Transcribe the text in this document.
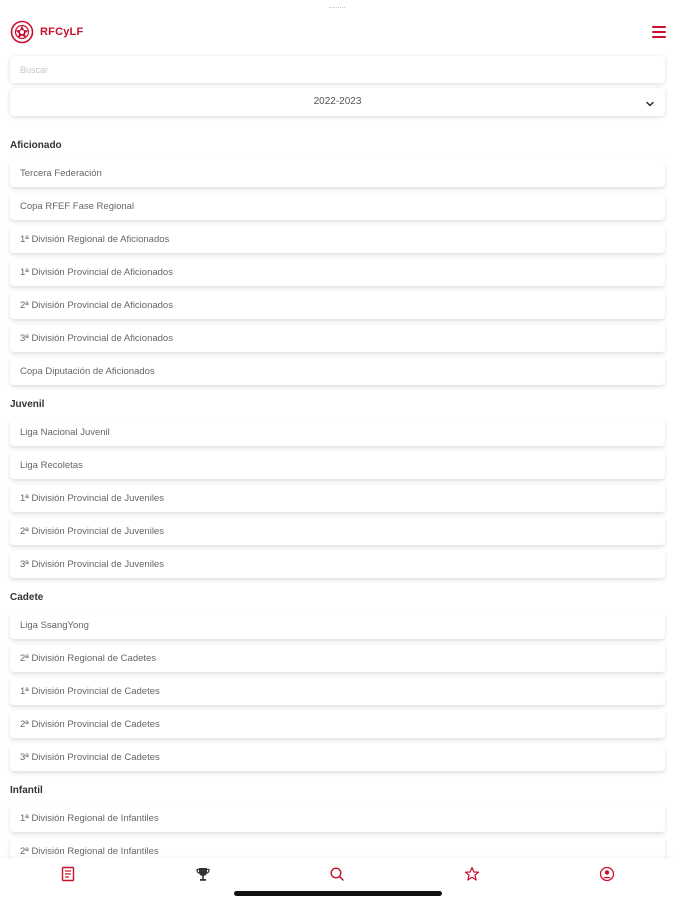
RFCyLF
Buscar
2022-2023
Aficionado
Tercera Federación
Copa RFEF Fase Regional
1ª División Regional de Aficionados
1ª División Provincial de Aficionados
2ª División Provincial de Aficionados
3ª División Provincial de Aficionados
Copa Diputación de Aficionados
Juvenil
Liga Nacional Juvenil
Liga Recoletas
1ª División Provincial de Juveniles
2ª División Provincial de Juveniles
3ª División Provincial de Juveniles
Cadete
Liga SsangYong
2ª División Regional de Cadetes
1ª División Provincial de Cadetes
2ª División Provincial de Cadetes
3ª División Provincial de Cadetes
Infantil
1ª División Regional de Infantiles
2ª División Regional de Infantiles
